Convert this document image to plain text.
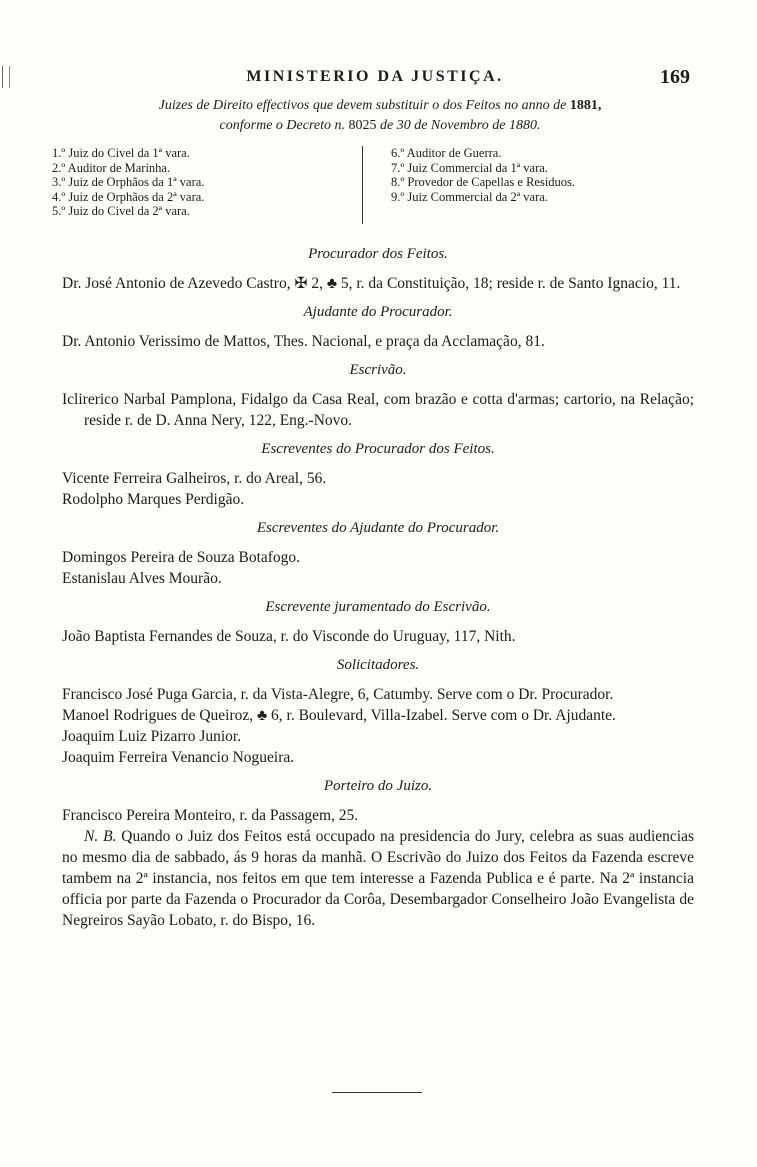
MINISTERIO DA JUSTIÇA.	169
Juizes de Direito effectivos que devem substituir o dos Feitos no anno de 1881,
conforme o Decreto n. 8025 de 30 de Novembro de 1880.
1.º Juiz do Civel da 1ª vara.
2.º Auditor de Marinha.
3.º Juiz de Orphãos da 1ª vara.
4.º Juiz de Orphãos da 2ª vara.
5.º Juiz do Civel da 2ª vara.
6.º Auditor de Guerra.
7.º Juiz Commercial da 1ª vara.
8.º Provedor de Capellas e Residuos.
9.º Juiz Commercial da 2ª vara.
Procurador dos Feitos.

Dr. José Antonio de Azevedo Castro, ✠ 2, ♣ 5, r. da Constituição, 18; reside r. de Santo Ignacio, 11.

Ajudante do Procurador.

Dr. Antonio Verissimo de Mattos, Thes. Nacional, e praça da Acclamação, 81.

Escrivão.

Iclirerico Narbal Pamplona, Fidalgo da Casa Real, com brazão e cotta d'armas; cartorio, na Relação; reside r. de D. Anna Nery, 122, Eng.-Novo.

Escreventes do Procurador dos Feitos.

Vicente Ferreira Galheiros, r. do Areal, 56.

Rodolpho Marques Perdigão.

Escreventes do Ajudante do Procurador.

Domingos Pereira de Souza Botafogo.

Estanislau Alves Mourão.

Escrevente juramentado do Escrivão.

João Baptista Fernandes de Souza, r. do Visconde do Uruguay, 117, Nith.

Solicitadores.

Francisco José Puga Garcia, r. da Vista-Alegre, 6, Catumby. Serve com o Dr. Procurador.

Manoel Rodrigues de Queiroz, ♣ 6, r. Boulevard, Villa-Izabel. Serve com o Dr. Ajudante.

Joaquim Luiz Pizarro Junior.

Joaquim Ferreira Venancio Nogueira.

Porteiro do Juizo.

Francisco Pereira Monteiro, r. da Passagem, 25.

N. B. Quando o Juiz dos Feitos está occupado na presidencia do Jury, celebra as suas audiencias no mesmo dia de sabbado, ás 9 horas da manhã. O Escrivão do Juizo dos Feitos da Fazenda escreve tambem na 2ª instancia, nos feitos em que tem interesse a Fazenda Publica e é parte. Na 2ª instancia officia por parte da Fazenda o Procurador da Corôa, Desembargador Conselheiro João Evangelista de Negreiros Sayão Lobato, r. do Bispo, 16.
